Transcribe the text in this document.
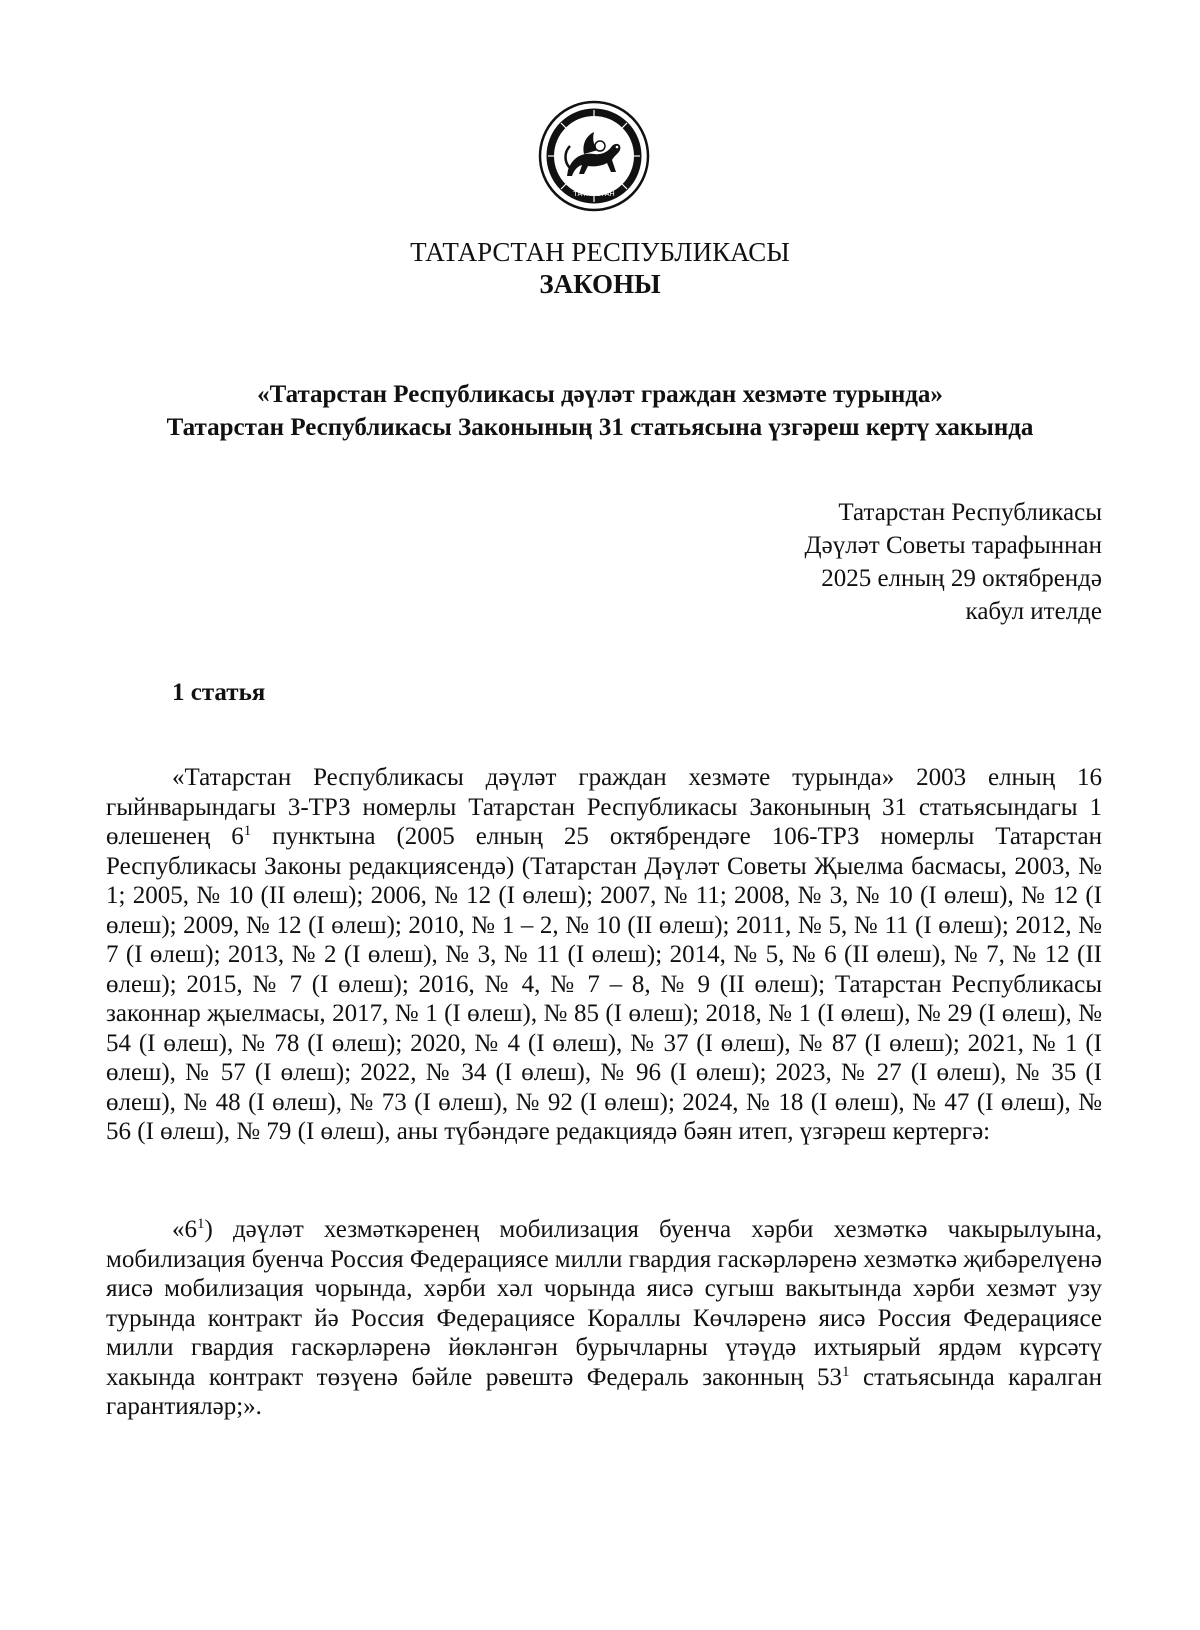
ТАТАРСТАН
ТАТАРСТАН РЕСПУБЛИКАСЫ
ЗАКОНЫ
«Татарстан Республикасы дәүләт граждан хезмәте турында»
Татарстан Республикасы Законының 31 статьясына үзгәреш кертү хакында
Татарстан Республикасы
Дәүләт Советы тарафыннан
2025 елның 29 октябрендә
кабул ителде
1 статья

«Татарстан Республикасы дәүләт граждан хезмәте турында» 2003 елның 16 гыйнварындагы 3-ТРЗ номерлы Татарстан Республикасы Законының 31 статьясындагы 1 өлешенең $6^1$ пунктына (2005 елның 25 октябрендәге 106-ТРЗ номерлы Татарстан Республикасы Законы редакциясендә) (Татарстан Дәүләт Советы Җыелма басмасы, 2003, № 1; 2005, № 10 (II өлеш); 2006, № 12 (I өлеш); 2007, № 11; 2008, № 3, № 10 (I өлеш), № 12 (I өлеш); 2009, № 12 (I өлеш); 2010, № 1 – 2, № 10 (II өлеш); 2011, № 5, № 11 (I өлеш); 2012, № 7 (I өлеш); 2013, № 2 (I өлеш), № 3, № 11 (I өлеш); 2014, № 5, № 6 (II өлеш), № 7, № 12 (II өлеш); 2015, № 7 (I өлеш); 2016, № 4, № 7 – 8, № 9 (II өлеш); Татарстан Республикасы законнар җыелмасы, 2017, № 1 (I өлеш), № 85 (I өлеш); 2018, № 1 (I өлеш), № 29 (I өлеш), № 54 (I өлеш), № 78 (I өлеш); 2020, № 4 (I өлеш), № 37 (I өлеш), № 87 (I өлеш); 2021, № 1 (I өлеш), № 57 (I өлеш); 2022, № 34 (I өлеш), № 96 (I өлеш); 2023, № 27 (I өлеш), № 35 (I өлеш), № 48 (I өлеш), № 73 (I өлеш), № 92 (I өлеш); 2024, № 18 (I өлеш), № 47 (I өлеш), № 56 (I өлеш), № 79 (I өлеш), аны түбәндәге редакциядә бәян итеп, үзгәреш кертергә:

«$6^1$) дәүләт хезмәткәренең мобилизация буенча хәрби хезмәткә чакырылуына, мобилизация буенча Россия Федерациясе милли гвардия гаскәрләренә хезмәткә җибәрелүенә яисә мобилизация чорында, хәрби хәл чорында яисә сугыш вакытында хәрби хезмәт узу турында контракт йә Россия Федерациясе Кораллы Көчләренә яисә Россия Федерациясе милли гвардия гаскәрләренә йөкләнгән бурычларны үтәүдә ихтыярый ярдәм күрсәтү хакында контракт төзүенә бәйле рәвештә Федераль законның $53^1$ статьясында каралган гарантияләр;».
